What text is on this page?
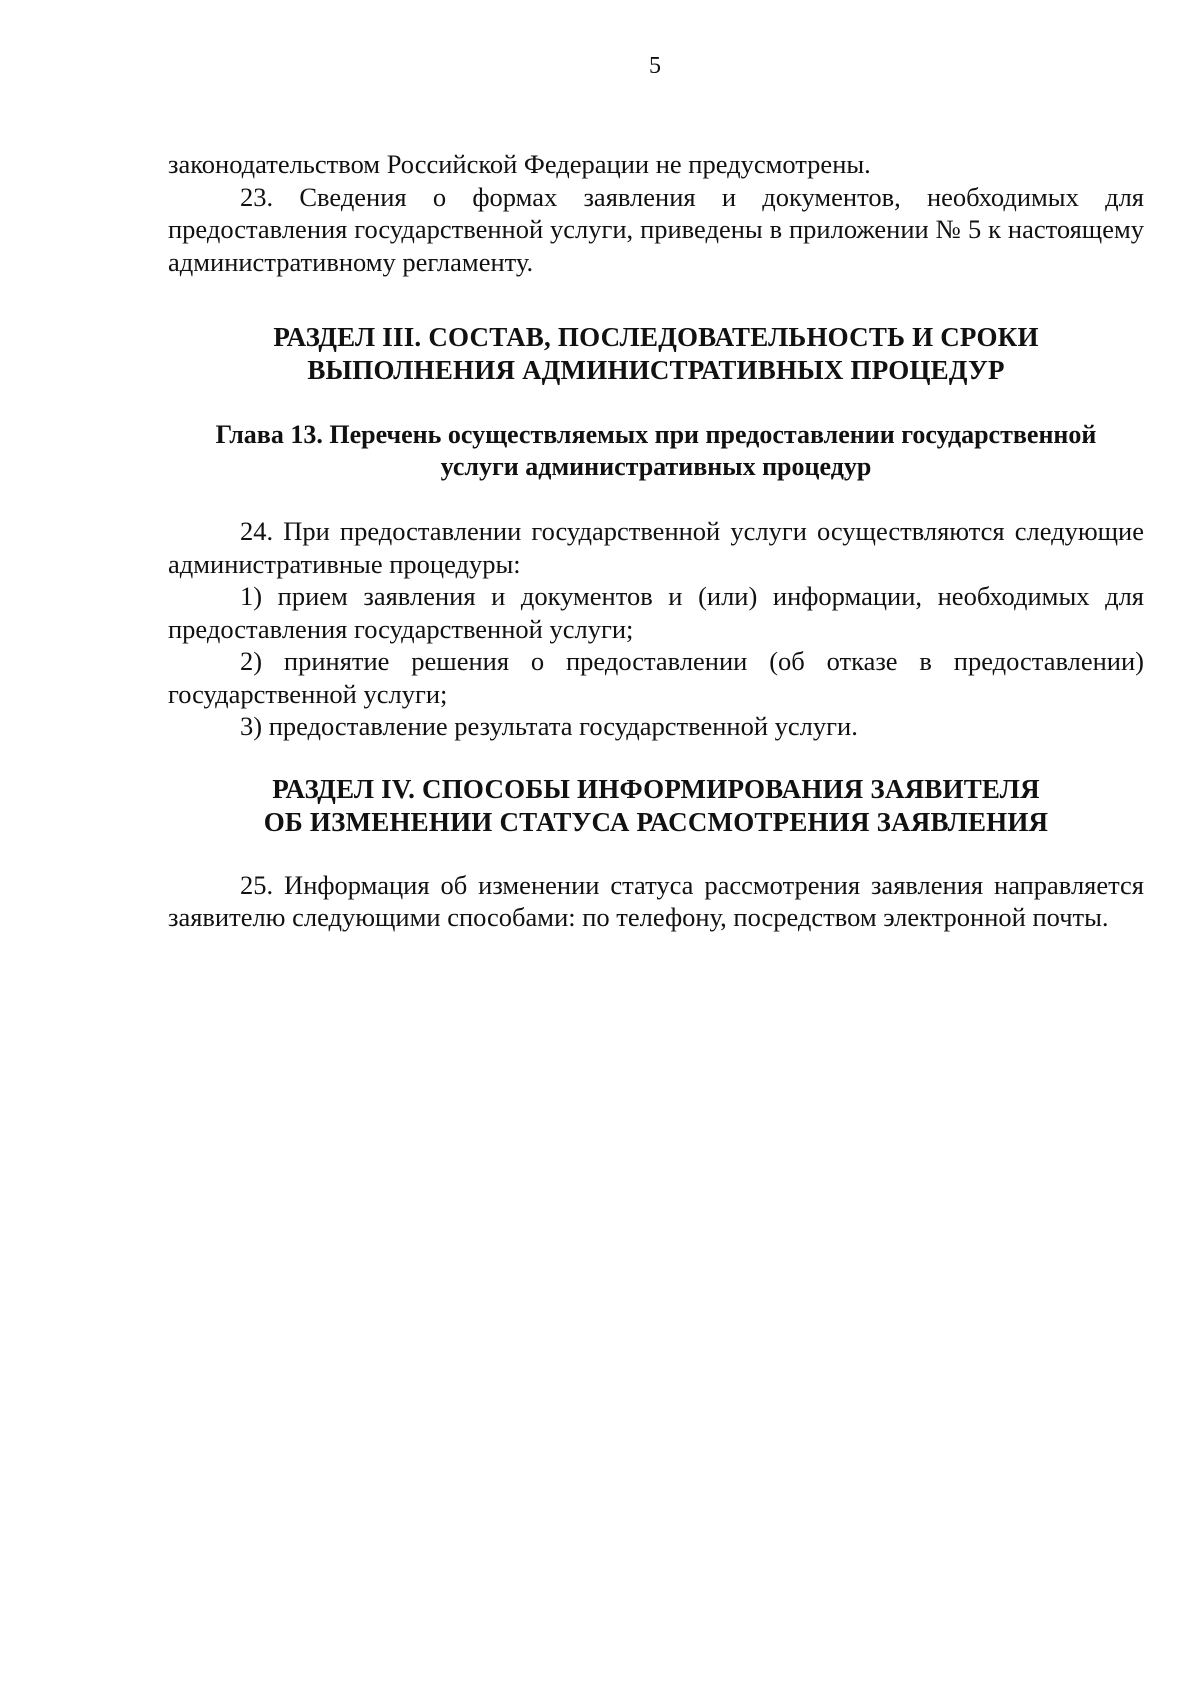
5

законодательством Российской Федерации не предусмотрены.

23. Сведения о формах заявления и документов, необходимых для предоставления государственной услуги, приведены в приложении № 5 к настоящему административному регламенту.

РАЗДЕЛ III. СОСТАВ, ПОСЛЕДОВАТЕЛЬНОСТЬ И СРОКИ
ВЫПОЛНЕНИЯ АДМИНИСТРАТИВНЫХ ПРОЦЕДУР
Глава 13. Перечень осуществляемых при предоставлении государственной
услуги административных процедур

24. При предоставлении государственной услуги осуществляются следующие административные процедуры:

1) прием заявления и документов и (или) информации, необходимых для предоставления государственной услуги;

2) принятие решения о предоставлении (об отказе в предоставлении) государственной услуги;

3) предоставление результата государственной услуги.

РАЗДЕЛ IV. СПОСОБЫ ИНФОРМИРОВАНИЯ ЗАЯВИТЕЛЯ
ОБ ИЗМЕНЕНИИ СТАТУСА РАССМОТРЕНИЯ ЗАЯВЛЕНИЯ

25. Информация об изменении статуса рассмотрения заявления направляется заявителю следующими способами: по телефону, посредством электронной почты.
